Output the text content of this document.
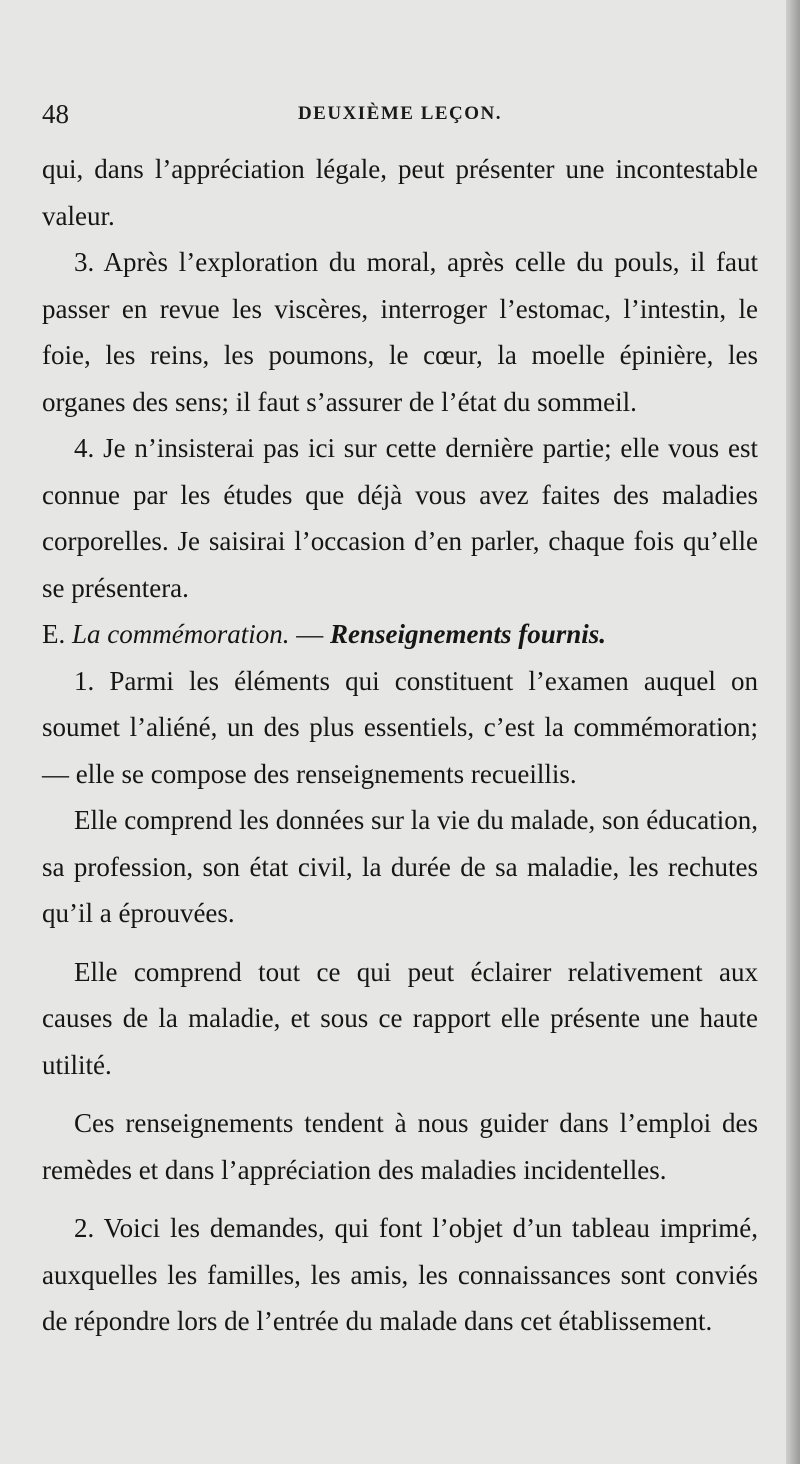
48	DEUXIÈME LEÇON.

qui, dans l’appréciation légale, peut présenter une incontestable valeur.

3. Après l’exploration du moral, après celle du pouls, il faut passer en revue les viscères, interroger l’estomac, l’intestin, le foie, les reins, les poumons, le cœur, la moelle épinière, les organes des sens; il faut s’assurer de l’état du sommeil.

4. Je n’insisterai pas ici sur cette dernière partie; elle vous est connue par les études que déjà vous avez faites des maladies corporelles. Je saisirai l’occasion d’en parler, chaque fois qu’elle se présentera.

E. La commémoration. — Renseignements fournis.

1. Parmi les éléments qui constituent l’examen auquel on soumet l’aliéné, un des plus essentiels, c’est la commémoration; — elle se compose des renseignements recueillis.

Elle comprend les données sur la vie du malade, son éducation, sa profession, son état civil, la durée de sa maladie, les rechutes qu’il a éprouvées.

Elle comprend tout ce qui peut éclairer relativement aux causes de la maladie, et sous ce rapport elle présente une haute utilité.

Ces renseignements tendent à nous guider dans l’emploi des remèdes et dans l’appréciation des maladies incidentelles.

2. Voici les demandes, qui font l’objet d’un tableau imprimé, auxquelles les familles, les amis, les connaissances sont conviés de répondre lors de l’entrée du malade dans cet établissement.
